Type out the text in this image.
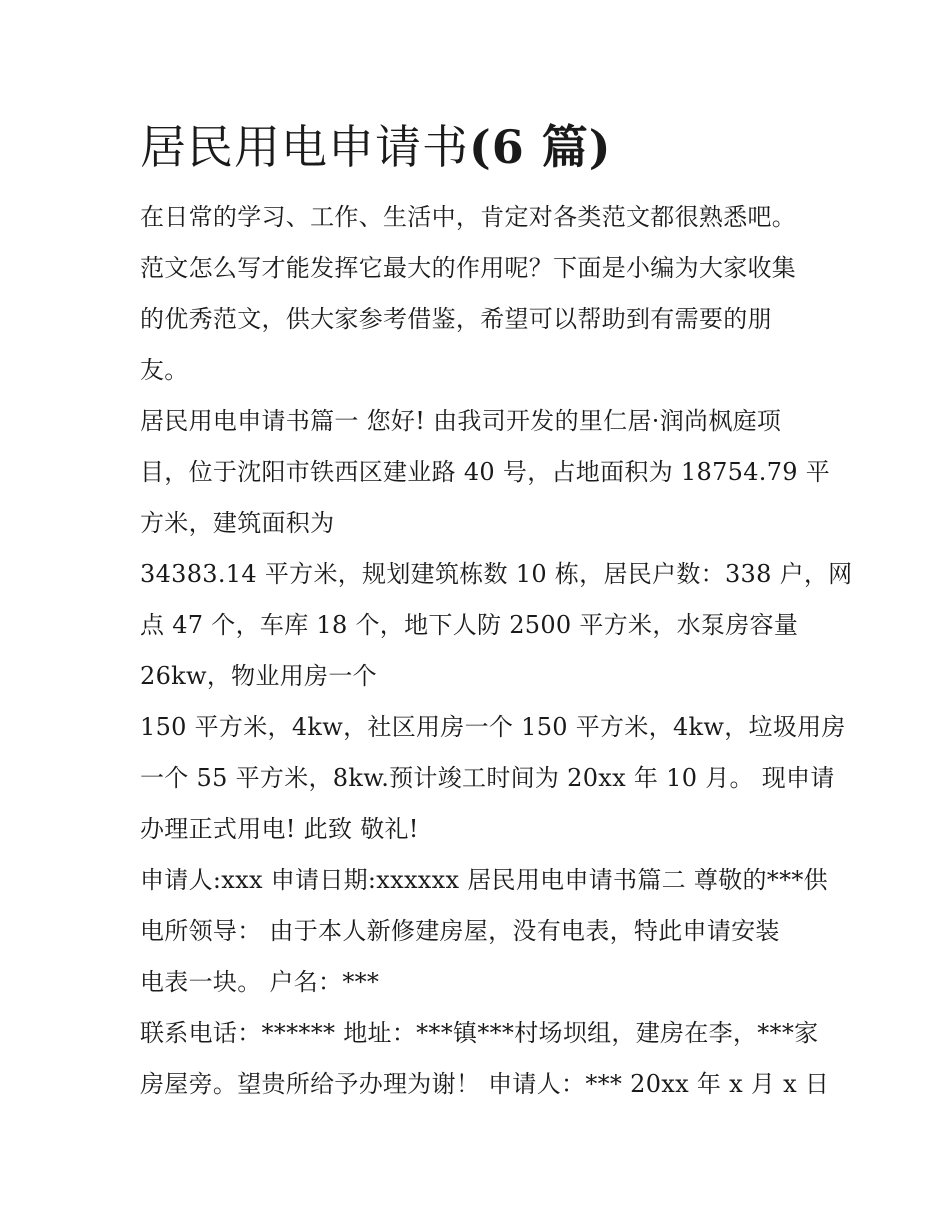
居民用电申请书(6 篇)

在日常的学习、工作、生活中，肯定对各类范文都很熟悉吧。
范文怎么写才能发挥它最大的作用呢？下面是小编为大家收集
的优秀范文，供大家参考借鉴，希望可以帮助到有需要的朋
友。

居民用电申请书篇一 您好! 由我司开发的里仁居·润尚枫庭项
目，位于沈阳市铁西区建业路 40 号，占地面积为 18754.79 平
方米，建筑面积为

34383.14 平方米，规划建筑栋数 10 栋，居民户数：338 户，网
点 47 个，车库 18 个，地下人防 2500 平方米，水泵房容量
26kw，物业用房一个

150 平方米，4kw，社区用房一个 150 平方米，4kw，垃圾用房
一个 55 平方米，8kw.预计竣工时间为 20xx 年 10 月。 现申请
办理正式用电! 此致 敬礼!

申请人:xxx 申请日期:xxxxxx 居民用电申请书篇二 尊敬的***供
电所领导： 由于本人新修建房屋，没有电表，特此申请安装
电表一块。 户名：***

联系电话：****** 地址：***镇***村场坝组，建房在李，***家
房屋旁。望贵所给予办理为谢！ 申请人：*** 20xx 年 x 月 x 日
